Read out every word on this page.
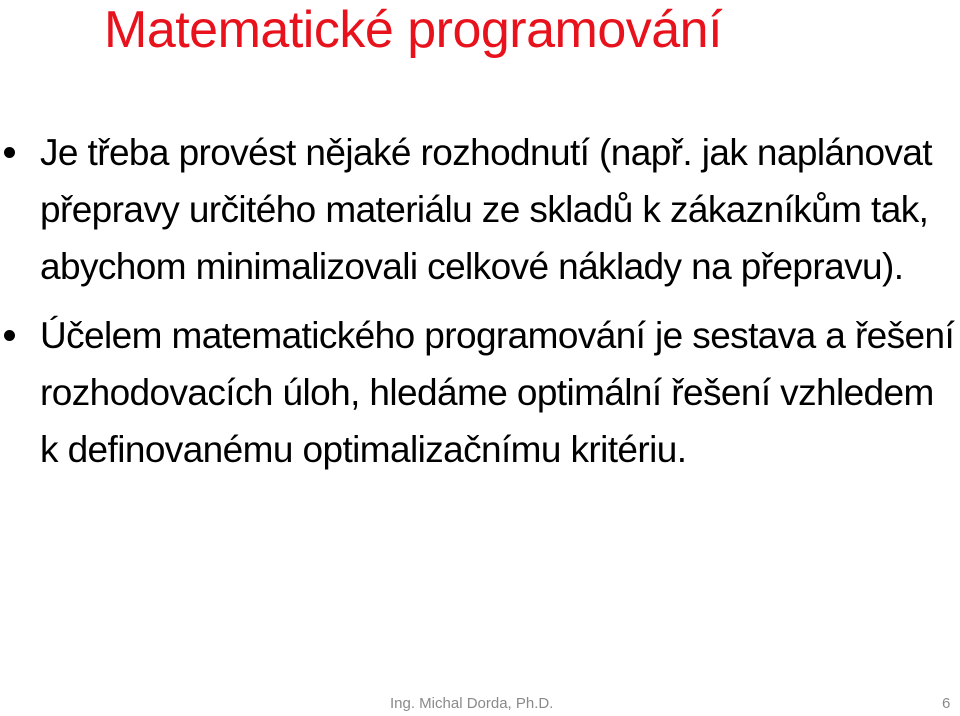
Matematické programování
Je třeba provést nějaké rozhodnutí (např. jak naplánovat přepravy určitého materiálu ze skladů k zákazníkům tak, abychom minimalizovali celkové náklady na přepravu).
Účelem matematického programování je sestava a řešení rozhodovacích úloh, hledáme optimální řešení vzhledem k definovanému optimalizačnímu kritériu.
Ing. Michal Dorda, Ph.D.	6
